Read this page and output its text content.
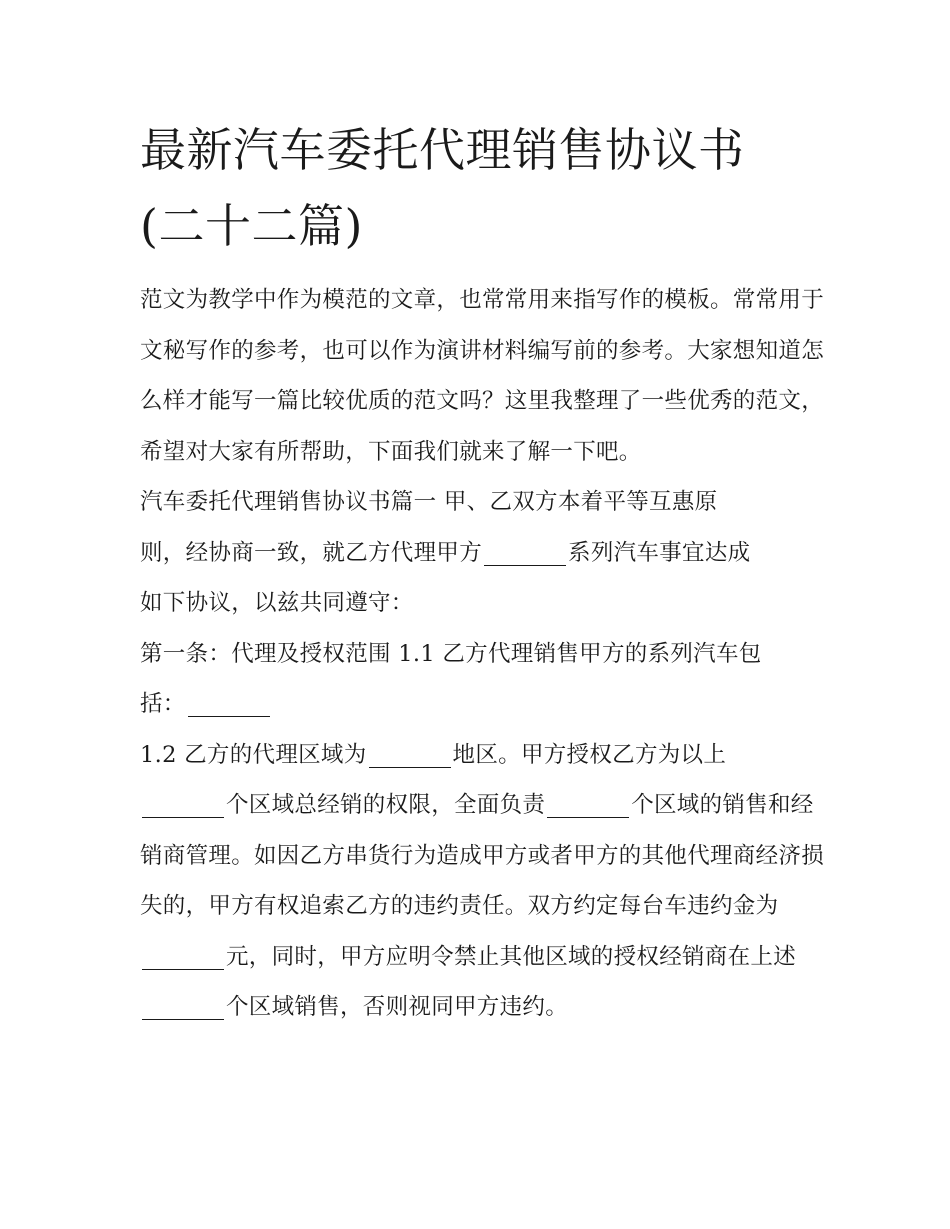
最新汽车委托代理销售协议书
(二十二篇)

范文为教学中作为模范的文章，也常常用来指写作的模板。常常用于文秘写作的参考，也可以作为演讲材料编写前的参考。大家想知道怎么样才能写一篇比较优质的范文吗？这里我整理了一些优秀的范文，希望对大家有所帮助，下面我们就来了解一下吧。

汽车委托代理销售协议书篇一 甲、乙双方本着平等互惠原
则，经协商一致，就乙方代理甲方	系列汽车事宜达成
如下协议，以兹共同遵守：

第一条：代理及授权范围 1.1 乙方代理销售甲方的系列汽车包
括：

1.2 乙方的代理区域为	地区。甲方授权乙方为以上
个区域总经销的权限，全面负责	个区域的销售和经销商管理。如因乙方串货行为造成甲方或者甲方的其他代理商经济损失的，甲方有权追索乙方的违约责任。双方约定每台车违约金为元，同时，甲方应明令禁止其他区域的授权经销商在上述个区域销售，否则视同甲方违约。
